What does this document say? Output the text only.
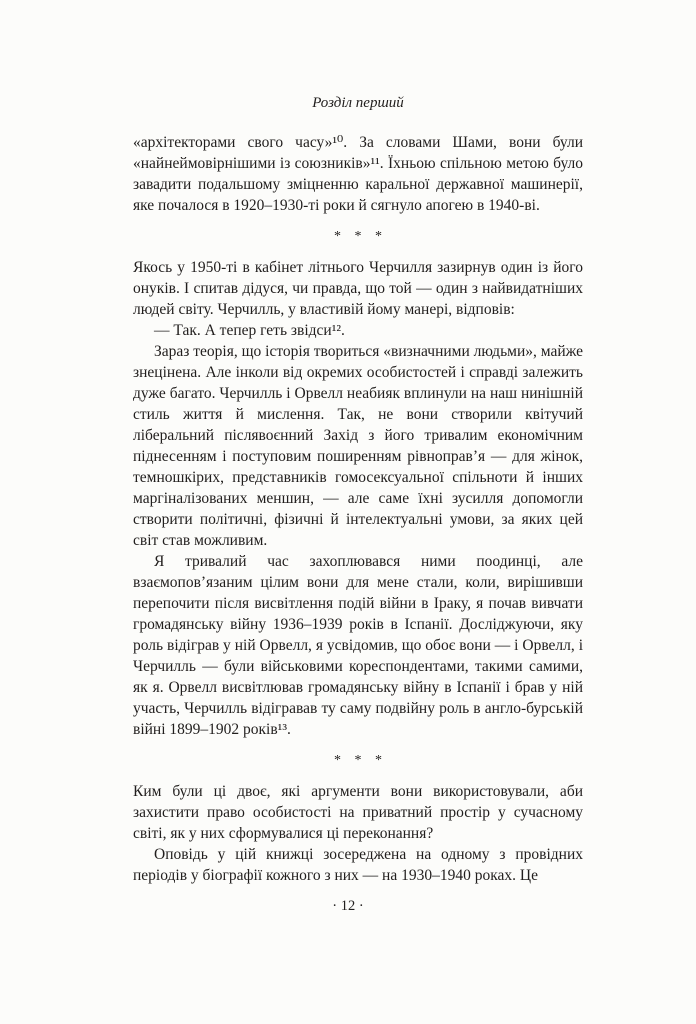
Розділ перший

«архітекторами свого часу»¹⁰. За словами Шами, вони були «найнеймовірнішими із союзників»¹¹. Їхньою спільною метою було завадити подальшому зміцненню каральної державної машинерії, яке почалося в 1920–1930-ті роки й сягнуло апогею в 1940-ві.

* * *

Якось у 1950-ті в кабінет літнього Черчилля зазирнув один із його онуків. І спитав дідуся, чи правда, що той — один з найвидатніших людей світу. Черчилль, у властивій йому манері, відповів:

— Так. А тепер геть звідси¹².

Зараз теорія, що історія твориться «визначними людьми», майже знецінена. Але інколи від окремих особистостей і справді залежить дуже багато. Черчилль і Орвелл неабияк вплинули на наш нинішній стиль життя й мислення. Так, не вони створили квітучий ліберальний післявоєнний Захід з його тривалим економічним піднесенням і поступовим поширенням рівноправ’я — для жінок, темношкірих, представників гомосексуальної спільноти й інших маргіналізованих меншин, — але саме їхні зусилля допомогли створити політичні, фізичні й інтелектуальні умови, за яких цей світ став можливим.

Я тривалий час захоплювався ними поодинці, але взаємопов’язаним цілим вони для мене стали, коли, вирішивши перепочити після висвітлення подій війни в Іраку, я почав вивчати громадянську війну 1936–1939 років в Іспанії. Досліджуючи, яку роль відіграв у ній Орвелл, я усвідомив, що обоє вони — і Орвелл, і Черчилль — були військовими кореспондентами, такими самими, як я. Орвелл висвітлював громадянську війну в Іспанії і брав у ній участь, Черчилль відігравав ту саму подвійну роль в англо-бурській війні 1899–1902 років¹³.

* * *

Ким були ці двоє, які аргументи вони використовували, аби захистити право особистості на приватний простір у сучасному світі, як у них сформувалися ці переконання?

Оповідь у цій книжці зосереджена на одному з провідних періодів у біографії кожного з них — на 1930–1940 роках. Це

· 12 ·
